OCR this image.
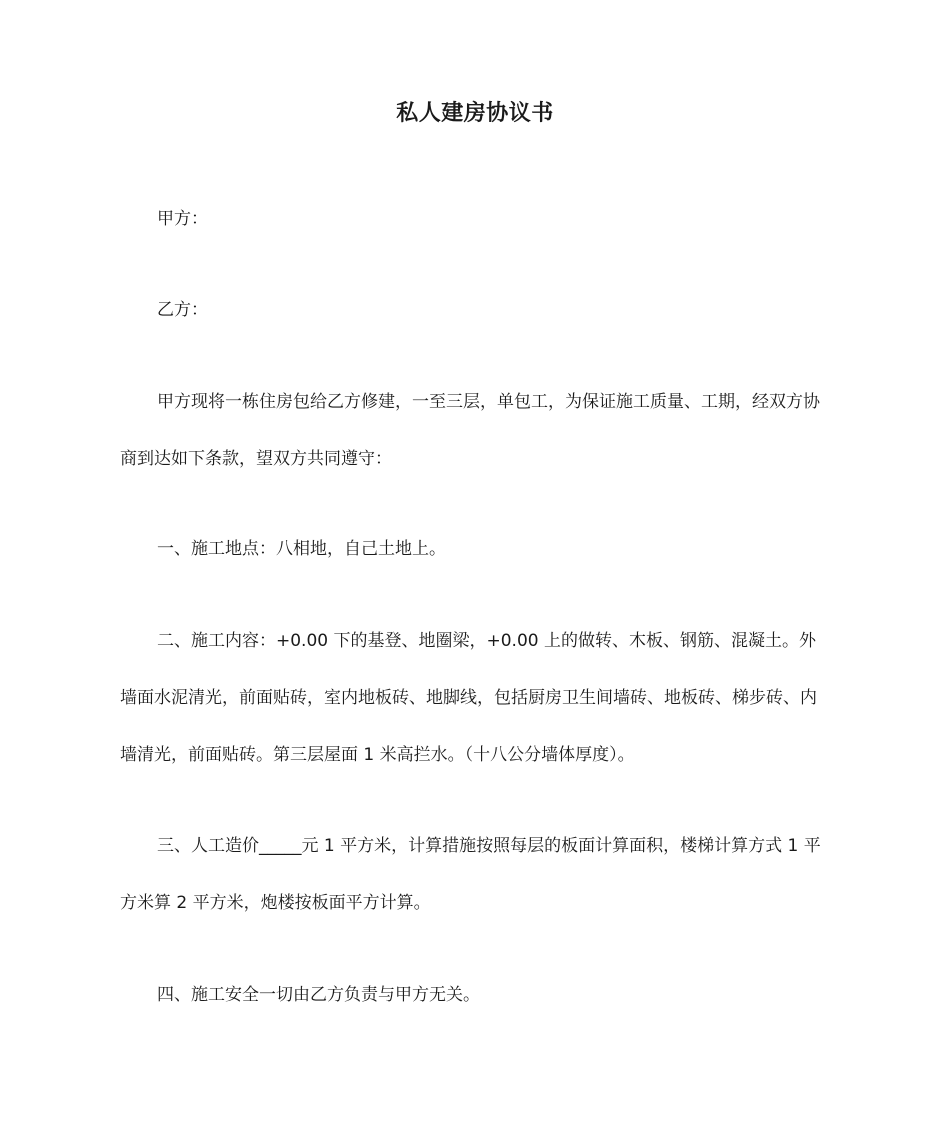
私人建房协议书

甲方：

乙方：

甲方现将一栋住房包给乙方修建，一至三层，单包工，为保证施工质量、工期，经双方协商到达如下条款，望双方共同遵守：

一、施工地点：八相地，自己土地上。

二、施工内容：+0.00 下的基登、地圈梁，+0.00 上的做转、木板、钢筋、混凝土。外墙面水泥清光，前面贴砖，室内地板砖、地脚线，包括厨房卫生间墙砖、地板砖、梯步砖、内墙清光，前面贴砖。第三层屋面 1 米高拦水。（十八公分墙体厚度）。

三、人工造价_____元 1 平方米，计算措施按照每层的板面计算面积，楼梯计算方式 1 平方米算 2 平方米，炮楼按板面平方计算。

四、施工安全一切由乙方负责与甲方无关。
